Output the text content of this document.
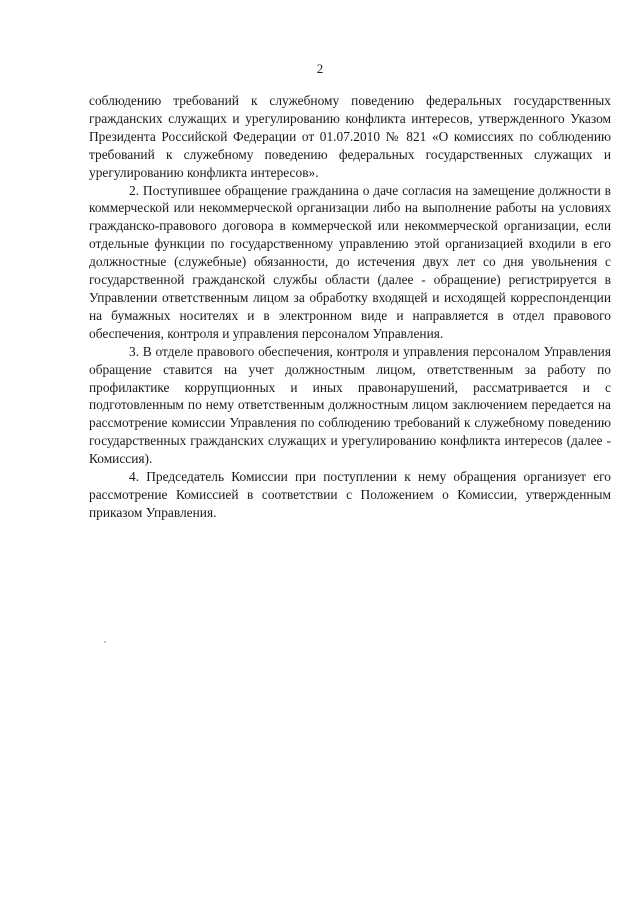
2

соблюдению требований к служебному поведению федеральных государственных гражданских служащих и урегулированию конфликта интересов, утвержденного Указом Президента Российской Федерации от 01.07.2010 № 821 «О комиссиях по соблюдению требований к служебному поведению федеральных государственных служащих и урегулированию конфликта интересов».

2. Поступившее обращение гражданина о даче согласия на замещение должности в коммерческой или некоммерческой организации либо на выполнение работы на условиях гражданско-правового договора в коммерческой или некоммерческой организации, если отдельные функции по государственному управлению этой организацией входили в его должностные (служебные) обязанности, до истечения двух лет со дня увольнения с государственной гражданской службы области (далее - обращение) регистрируется в Управлении ответственным лицом за обработку входящей и исходящей корреспонденции на бумажных носителях и в электронном виде и направляется в отдел правового обеспечения, контроля и управления персоналом Управления.

3. В отделе правового обеспечения, контроля и управления персоналом Управления обращение ставится на учет должностным лицом, ответственным за работу по профилактике коррупционных и иных правонарушений, рассматривается и с подготовленным по нему ответственным должностным лицом заключением передается на рассмотрение комиссии Управления по соблюдению требований к служебному поведению государственных гражданских служащих и урегулированию конфликта интересов (далее - Комиссия).

4. Председатель Комиссии при поступлении к нему обращения организует его рассмотрение Комиссией в соответствии с Положением о Комиссии, утвержденным приказом Управления.
